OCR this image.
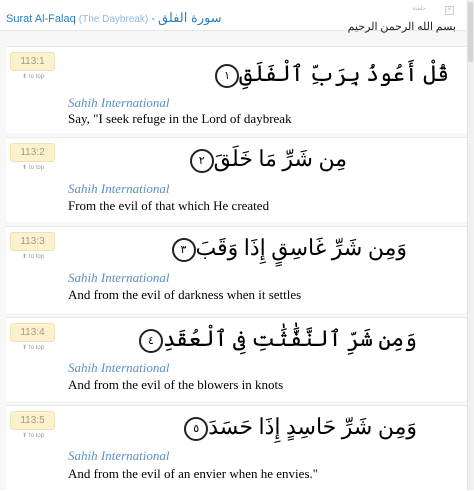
Surat Al-Falaq (The Daybreak) - سورة الفلق
خلفية	×
بسم الله الرحمن الرحيم
113:1
⬆ to top	قُلْ أَعُوذُ بِرَبِّ ٱلْفَلَقِ١
Sahih International
Say, "I seek refuge in the Lord of daybreak
113:2
⬆ to top	مِن شَرِّ مَا خَلَقَ٢
Sahih International
From the evil of that which He created
113:3
⬆ to top	وَمِن شَرِّ غَاسِقٍ إِذَا وَقَبَ٣
Sahih International
And from the evil of darkness when it settles
113:4
⬆ to top	وَمِن شَرِّ ٱلنَّفَّٰثَٰتِ فِى ٱلْعُقَدِ٤
Sahih International
And from the evil of the blowers in knots
113:5
⬆ to top	وَمِن شَرِّ حَاسِدٍ إِذَا حَسَدَ٥
Sahih International
And from the evil of an envier when he envies."
